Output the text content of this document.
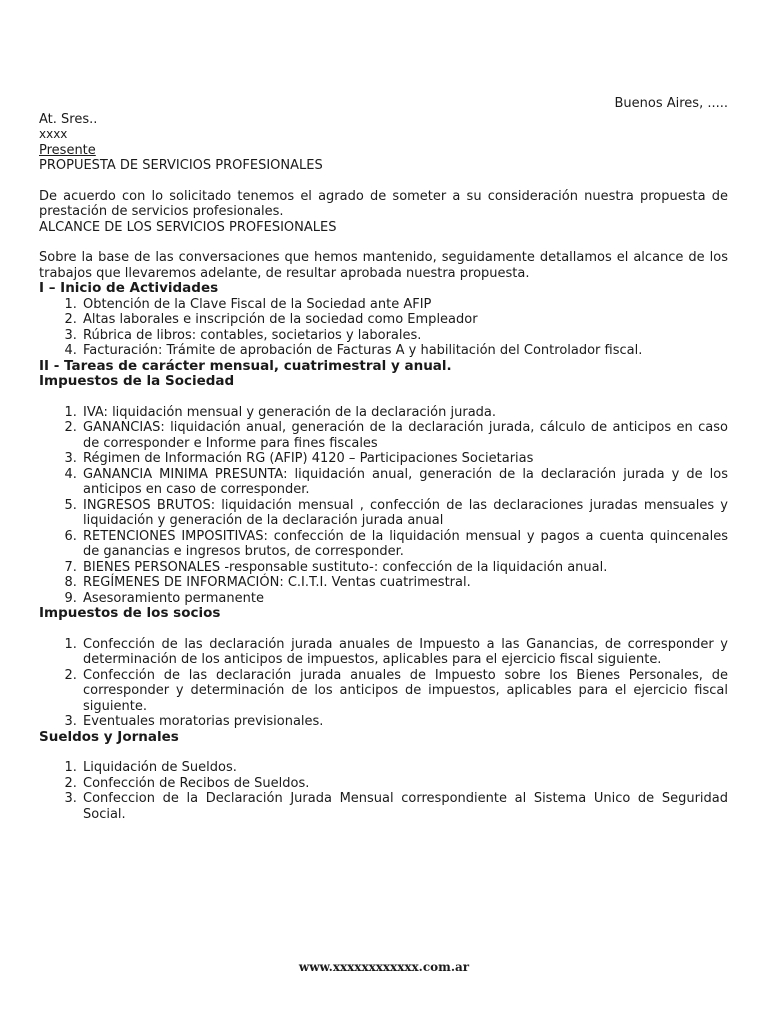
Buenos Aires, .....
At. Sres..
xxxx
Presente
PROPUESTA DE SERVICIOS PROFESIONALES
De acuerdo con lo solicitado tenemos el agrado de someter a su consideración nuestra propuesta de prestación de servicios profesionales.
ALCANCE DE LOS SERVICIOS PROFESIONALES
Sobre la base de las conversaciones que hemos mantenido, seguidamente detallamos el alcance de los trabajos que llevaremos adelante, de resultar aprobada nuestra propuesta.
I – Inicio de Actividades
1. Obtención de la Clave Fiscal de la Sociedad ante AFIP
2. Altas laborales e inscripción de la sociedad como Empleador
3. Rúbrica de libros: contables, societarios y laborales.
4. Facturación: Trámite de aprobación de Facturas A y habilitación del Controlador fiscal.
II - Tareas de carácter mensual, cuatrimestral y anual.
Impuestos de la Sociedad
1. IVA: liquidación mensual y generación de la declaración jurada.
2. GANANCIAS: liquidación anual, generación de la declaración jurada, cálculo de anticipos en caso de corresponder e Informe para fines fiscales
3. Régimen de Información RG (AFIP) 4120 – Participaciones Societarias
4. GANANCIA MINIMA PRESUNTA: liquidación anual, generación de la declaración jurada y de los anticipos en caso de corresponder.
5. INGRESOS BRUTOS: liquidación mensual , confección de las declaraciones juradas mensuales y liquidación y generación de la declaración jurada anual
6. RETENCIONES IMPOSITIVAS: confección de la liquidación mensual y pagos a cuenta quincenales de ganancias e ingresos brutos, de corresponder.
7. BIENES PERSONALES -responsable sustituto-: confección de la liquidación anual.
8. REGÍMENES DE INFORMACIÓN: C.I.T.I. Ventas cuatrimestral.
9. Asesoramiento permanente
Impuestos de los socios
1. Confección de las declaración jurada anuales de Impuesto a las Ganancias, de corresponder y determinación de los anticipos de impuestos, aplicables para el ejercicio fiscal siguiente.
2. Confección de las declaración jurada anuales de Impuesto sobre los Bienes Personales, de corresponder y determinación de los anticipos de impuestos, aplicables para el ejercicio fiscal siguiente.
3. Eventuales moratorias previsionales.
Sueldos y Jornales
1. Liquidación de Sueldos.
2. Confección de Recibos de Sueldos.
3. Confeccion de la Declaración Jurada Mensual correspondiente al Sistema Unico de Seguridad Social.
www.xxxxxxxxxxxx.com.ar
